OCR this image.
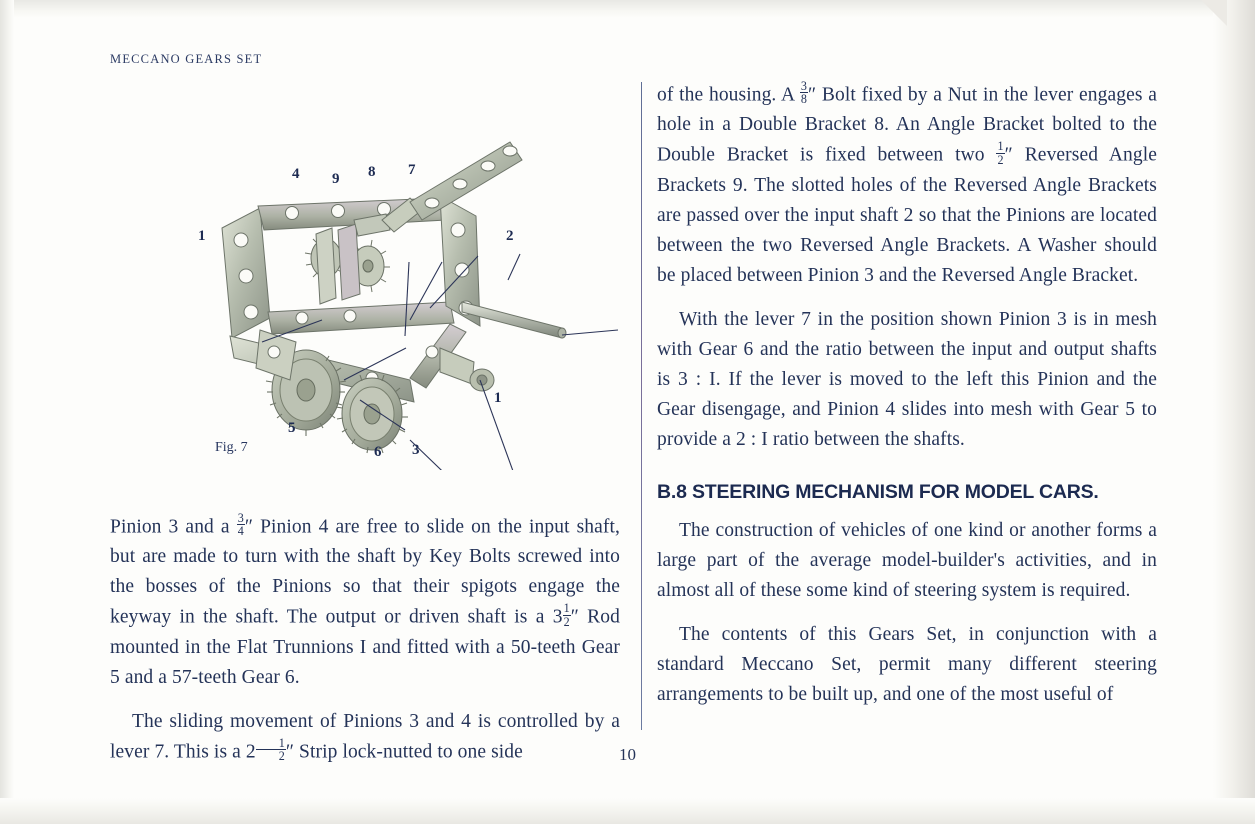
MECCANO GEARS SET
4 9 8 7
1	2
1
5
6 3
Fig. 7

Pinion 3 and a $\frac{3}{4}$ ″ Pinion 4 are free to slide on the input shaft, but are made to turn with the shaft by Key Bolts screwed into the bosses of the Pinions so that their spigots engage the keyway in the shaft. The output or driven shaft is a $3 \frac{1}{2}$ ″ Rod mounted in the Flat Trunnions I and fitted with a 50-teeth Gear 5 and a 57-teeth Gear 6.

The sliding movement of Pinions 3 and 4 is controlled by a lever 7. This is a $2 \frac{1}{2}$ ″ Strip lock-nutted to one side

of the housing. A $\frac{3}{8}$ ″ Bolt fixed by a Nut in the lever engages a hole in a Double Bracket 8. An Angle Bracket bolted to the Double Bracket is fixed between two $\frac{1}{2}$ ″ Reversed Angle Brackets 9. The slotted holes of the Reversed Angle Brackets are passed over the input shaft 2 so that the Pinions are located between the two Reversed Angle Brackets. A Washer should be placed between Pinion 3 and the Reversed Angle Bracket.

With the lever 7 in the position shown Pinion 3 is in mesh with Gear 6 and the ratio between the input and output shafts is 3 : I. If the lever is moved to the left this Pinion and the Gear disengage, and Pinion 4 slides into mesh with Gear 5 to provide a 2 : I ratio between the shafts.

B.8 STEERING MECHANISM FOR MODEL CARS.

The construction of vehicles of one kind or another forms a large part of the average model-builder's activities, and in almost all of these some kind of steering system is required.

The contents of this Gears Set, in conjunction with a standard Meccano Set, permit many different steering arrangements to be built up, and one of the most useful of

10
